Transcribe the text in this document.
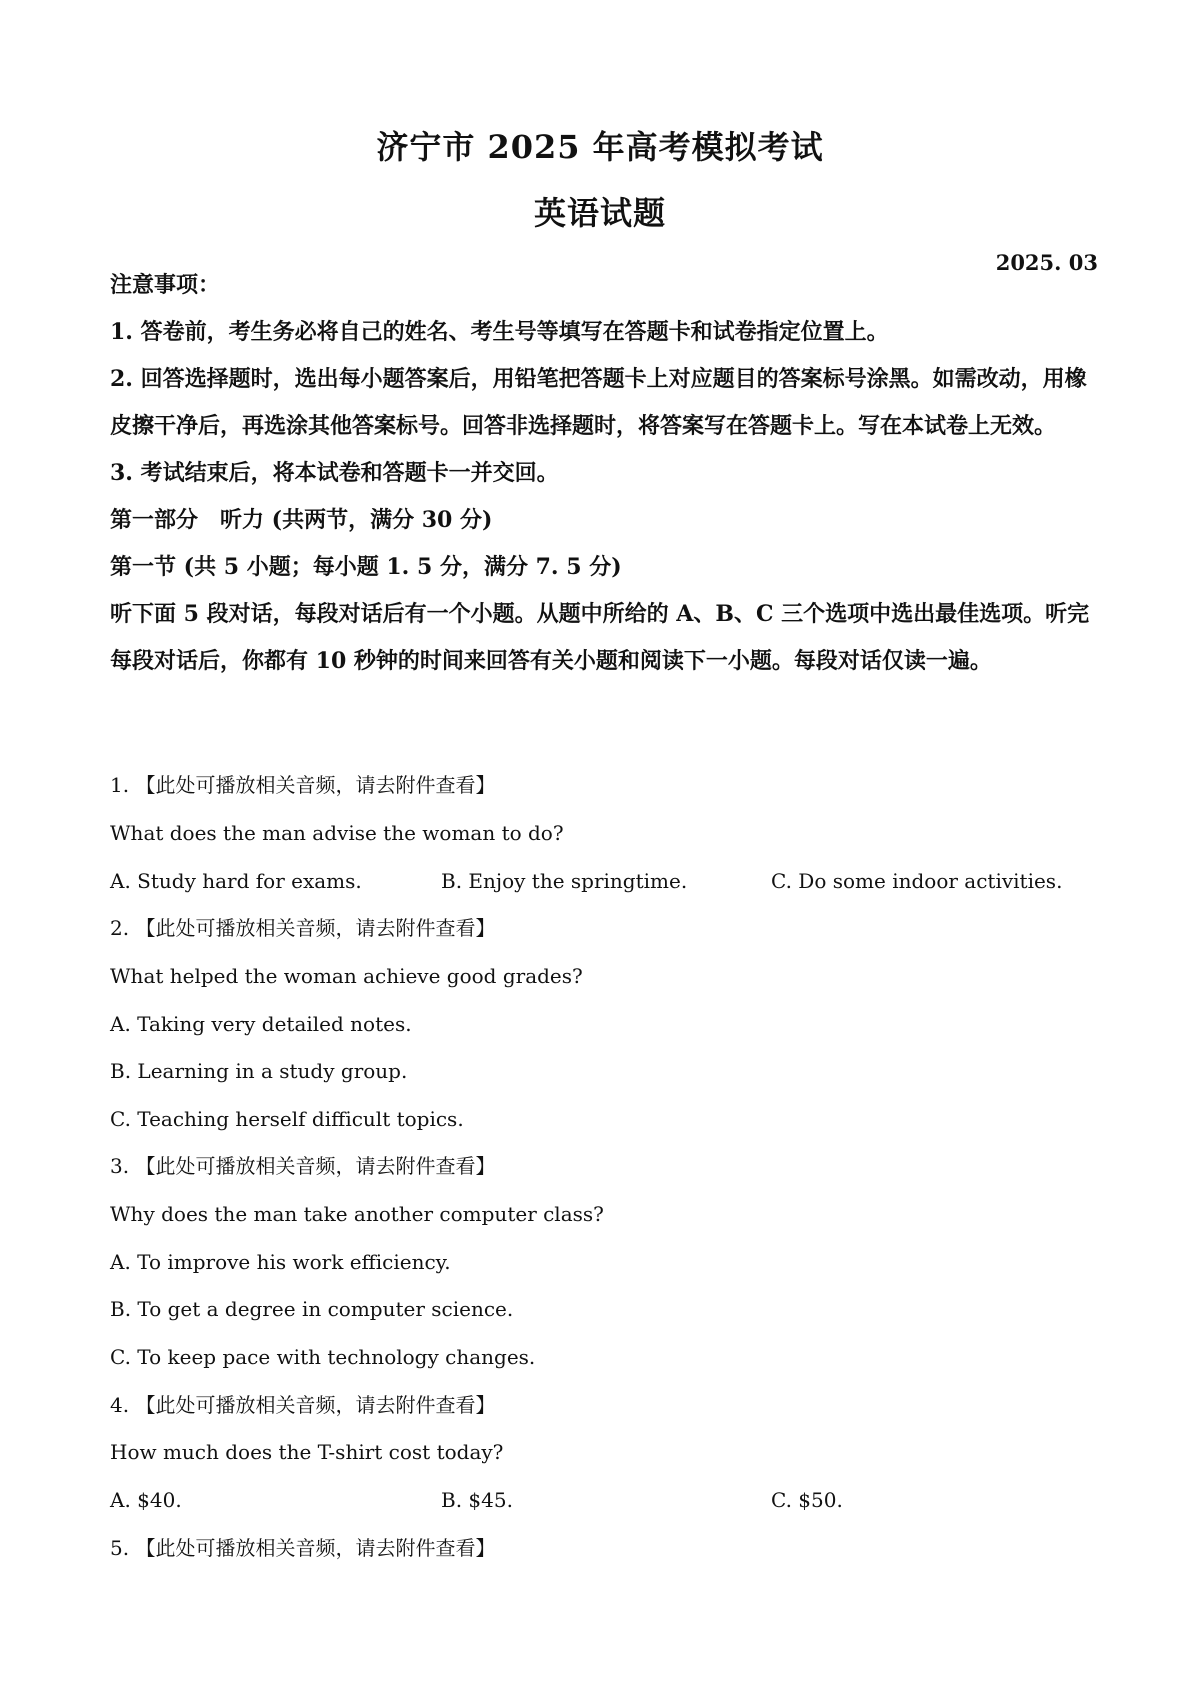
济宁市 2025 年高考模拟考试
英语试题
2025. 03

注意事项：

1. 答卷前，考生务必将自己的姓名、考生号等填写在答题卡和试卷指定位置上。

2. 回答选择题时，选出每小题答案后，用铅笔把答题卡上对应题目的答案标号涂黑。如需改动，用橡皮擦干净后，再选涂其他答案标号。回答非选择题时，将答案写在答题卡上。写在本试卷上无效。

3. 考试结束后，将本试卷和答题卡一并交回。

第一部分　听力 (共两节，满分 30 分)

第一节 (共 5 小题；每小题 1. 5 分，满分 7. 5 分)

听下面 5 段对话，每段对话后有一个小题。从题中所给的 A、B、C 三个选项中选出最佳选项。听完每段对话后，你都有 10 秒钟的时间来回答有关小题和阅读下一小题。每段对话仅读一遍。

1. 【此处可播放相关音频，请去附件查看】
What does the man advise the woman to do?
A. Study hard for exams.	B. Enjoy the springtime.	C. Do some indoor activities.
2. 【此处可播放相关音频，请去附件查看】
What helped the woman achieve good grades?
A. Taking very detailed notes.
B. Learning in a study group.
C. Teaching herself difficult topics.
3. 【此处可播放相关音频，请去附件查看】
Why does the man take another computer class?
A. To improve his work efficiency.
B. To get a degree in computer science.
C. To keep pace with technology changes.
4. 【此处可播放相关音频，请去附件查看】
How much does the T-shirt cost today?
A. $40.	B. $45.	C. $50.
5. 【此处可播放相关音频，请去附件查看】
